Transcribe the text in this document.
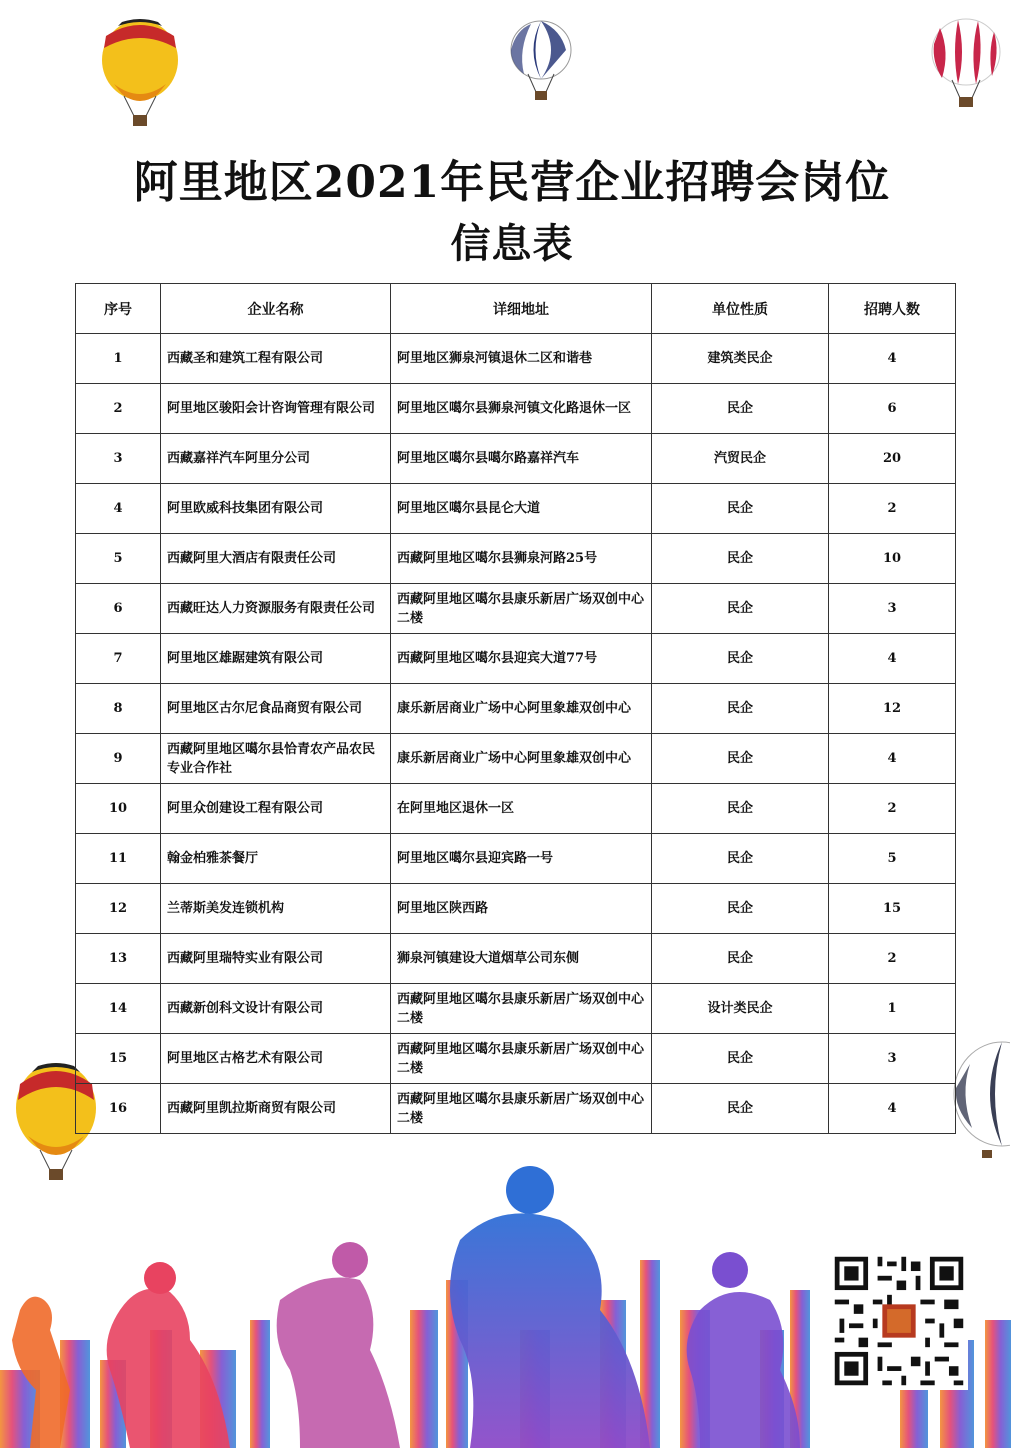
阿里地区2021年民营企业招聘会岗位
信息表
序号	企业名称	详细地址	单位性质	招聘人数
1	西藏圣和建筑工程有限公司	阿里地区狮泉河镇退休二区和谐巷	建筑类民企	4
2	阿里地区骏阳会计咨询管理有限公司	阿里地区噶尔县狮泉河镇文化路退休一区	民企	6
3	西藏嘉祥汽车阿里分公司	阿里地区噶尔县噶尔路嘉祥汽车	汽贸民企	20
4	阿里欧威科技集团有限公司	阿里地区噶尔县昆仑大道	民企	2
5	西藏阿里大酒店有限责任公司	西藏阿里地区噶尔县狮泉河路25号	民企	10
6	西藏旺达人力资源服务有限责任公司	西藏阿里地区噶尔县康乐新居广场双创中心二楼	民企	3
7	阿里地区雄踞建筑有限公司	西藏阿里地区噶尔县迎宾大道77号	民企	4
8	阿里地区古尔尼食品商贸有限公司	康乐新居商业广场中心阿里象雄双创中心	民企	12
9	西藏阿里地区噶尔县恰青农产品农民专业合作社	康乐新居商业广场中心阿里象雄双创中心	民企	4
10	阿里众创建设工程有限公司	在阿里地区退休一区	民企	2
11	翰金柏雅茶餐厅	阿里地区噶尔县迎宾路一号	民企	5
12	兰蒂斯美发连锁机构	阿里地区陕西路	民企	15
13	西藏阿里瑞特实业有限公司	狮泉河镇建设大道烟草公司东侧	民企	2
14	西藏新创科文设计有限公司	西藏阿里地区噶尔县康乐新居广场双创中心二楼	设计类民企	1
15	阿里地区古格艺术有限公司	西藏阿里地区噶尔县康乐新居广场双创中心二楼	民企	3
16	西藏阿里凯拉斯商贸有限公司	西藏阿里地区噶尔县康乐新居广场双创中心二楼	民企	4
